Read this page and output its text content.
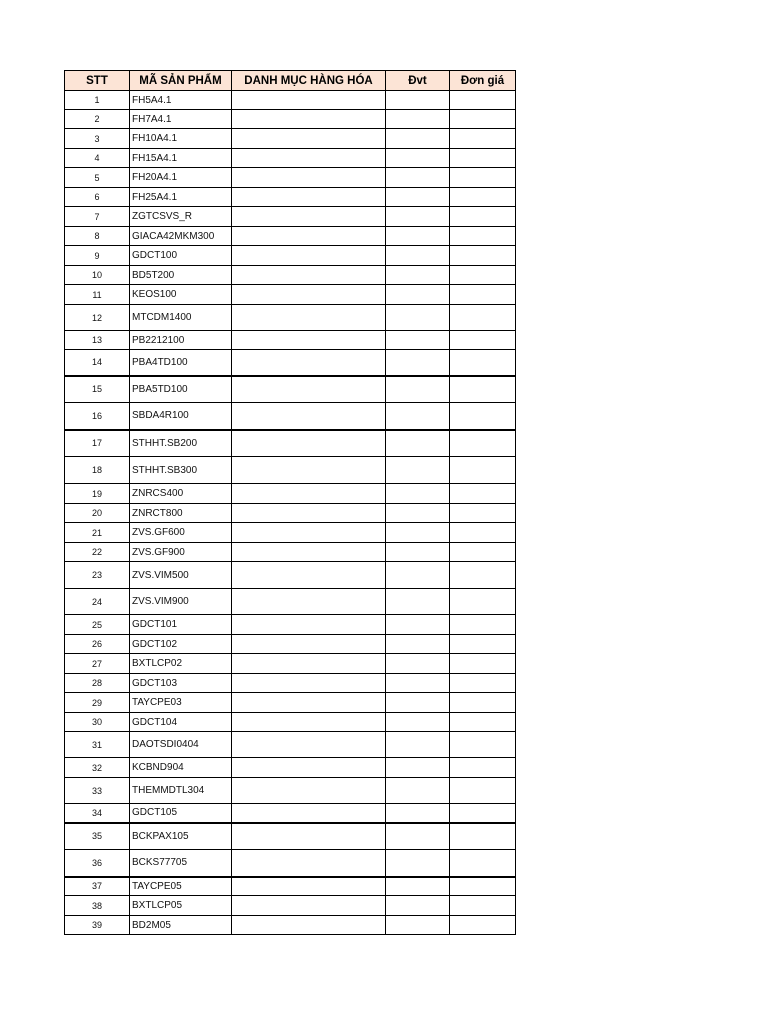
STT	MÃ SẢN PHẨM	DANH MỤC HÀNG HÓA	Đvt	Đơn giá
1	FH5A4.1			
2	FH7A4.1			
3	FH10A4.1			
4	FH15A4.1			
5	FH20A4.1			
6	FH25A4.1			
7	ZGTCSVS_R			
8	GIACA42MKM300			
9	GDCT100			
10	BD5T200			
11	KEOS100			
12	MTCDM1400			
13	PB2212100			
14	PBA4TD100			
15	PBA5TD100			
16	SBDA4R100			
17	STHHT.SB200			
18	STHHT.SB300			
19	ZNRCS400			
20	ZNRCT800			
21	ZVS.GF600			
22	ZVS.GF900			
23	ZVS.VIM500			
24	ZVS.VIM900			
25	GDCT101			
26	GDCT102			
27	BXTLCP02			
28	GDCT103			
29	TAYCPE03			
30	GDCT104			
31	DAOTSDI0404			
32	KCBND904			
33	THEMMDTL304			
34	GDCT105			
35	BCKPAX105			
36	BCKS77705			
37	TAYCPE05			
38	BXTLCP05			
39	BD2M05			
